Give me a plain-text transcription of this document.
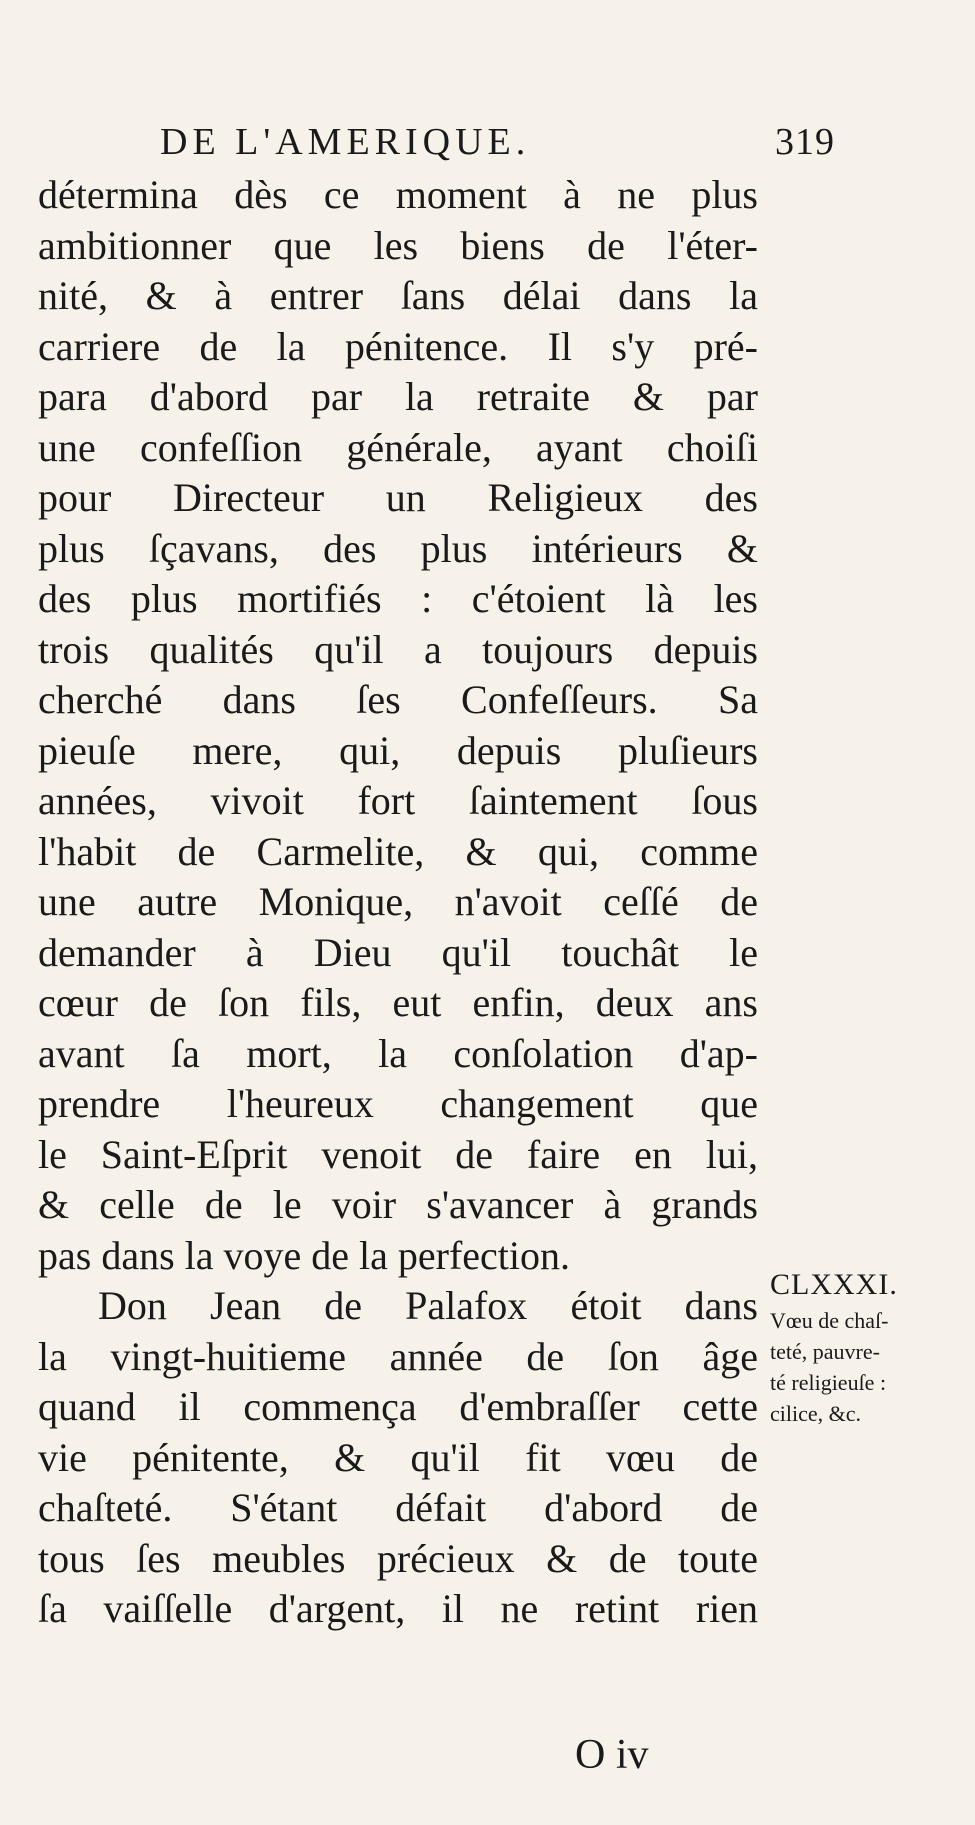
DE L'AMERIQUE.	319
détermina dès ce moment à ne plus
ambitionner que les biens de l'éter-
nité, & à entrer ſans délai dans la
carriere de la pénitence. Il s'y pré-
para d'abord par la retraite & par
une confeſſion générale, ayant choiſi
pour Directeur un Religieux des
plus ſçavans, des plus intérieurs &
des plus mortifiés : c'étoient là les
trois qualités qu'il a toujours depuis
cherché dans ſes Confeſſeurs. Sa
pieuſe mere, qui, depuis pluſieurs
années, vivoit fort ſaintement ſous
l'habit de Carmelite, & qui, comme
une autre Monique, n'avoit ceſſé de
demander à Dieu qu'il touchât le
cœur de ſon fils, eut enfin, deux ans
avant ſa mort, la conſolation d'ap-
prendre l'heureux changement que
le Saint-Eſprit venoit de faire en lui,
& celle de le voir s'avancer à grands
pas dans la voye de la perfection.
Don Jean de Palafox étoit dans
la vingt-huitieme année de ſon âge
quand il commença d'embraſſer cette
vie pénitente, & qu'il fit vœu de
chaſteté. S'étant défait d'abord de
tous ſes meubles précieux & de toute
ſa vaiſſelle d'argent, il ne retint rien
CLXXXI.
Vœu de chaſ-
teté, pauvre-
té religieuſe :
cilice, &c.
O iv
